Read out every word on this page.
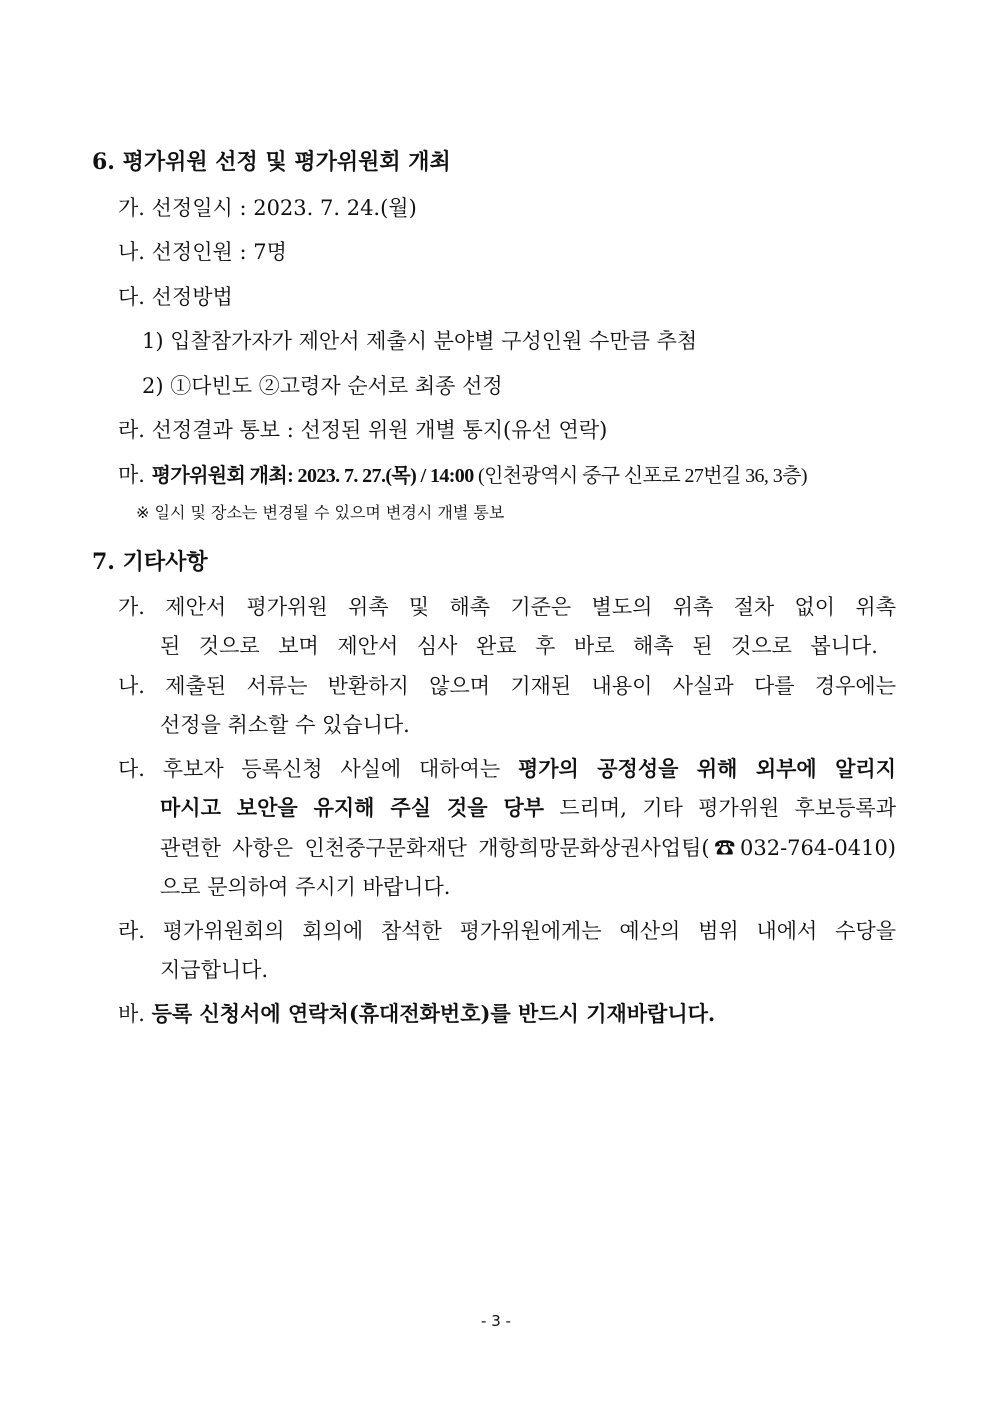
6. 평가위원 선정 및 평가위원회 개최
가. 선정일시 : 2023. 7. 24.(월)
나. 선정인원 : 7명
다. 선정방법
1) 입찰참가자가 제안서 제출시 분야별 구성인원 수만큼 추첨
2) ①다빈도 ②고령자 순서로 최종 선정
라. 선정결과 통보 : 선정된 위원 개별 통지(유선 연락)
마. 평가위원회 개최: 2023. 7. 27.(목) / 14:00 (인천광역시 중구 신포로 27번길 36, 3층)
※ 일시 및 장소는 변경될 수 있으며 변경시 개별 통보
7. 기타사항
가. 제안서 평가위원 위촉 및 해촉 기준은 별도의 위촉 절차 없이 위촉
된 것으로 보며 제안서 심사 완료 후 바로 해촉 된 것으로 봅니다.
나. 제출된 서류는 반환하지 않으며 기재된 내용이 사실과 다를 경우에는
선정을 취소할 수 있습니다.
다. 후보자 등록신청 사실에 대하여는 평가의 공정성을 위해 외부에 알리지
마시고 보안을 유지해 주실 것을 당부 드리며, 기타 평가위원 후보등록과
관련한 사항은 인천중구문화재단 개항희망문화상권사업팀(☎032-764-0410)
으로 문의하여 주시기 바랍니다.
라. 평가위원회의 회의에 참석한 평가위원에게는 예산의 범위 내에서 수당을
지급합니다.
바. 등록 신청서에 연락처(휴대전화번호)를 반드시 기재바랍니다.
- 3 -
